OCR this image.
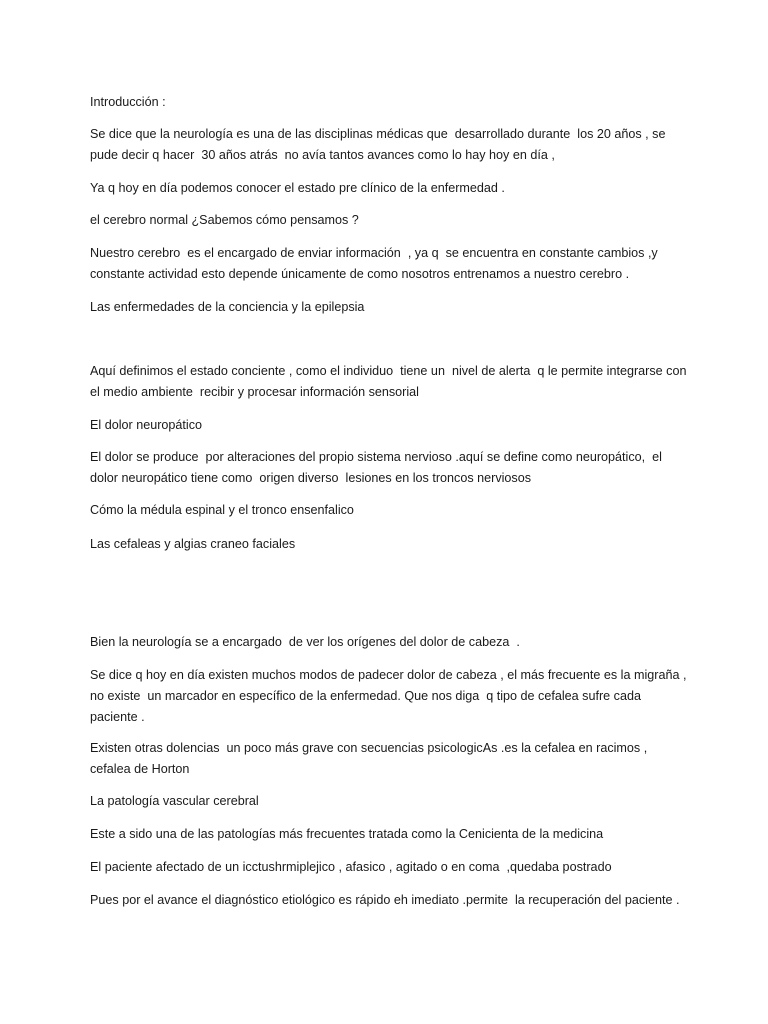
Introducción :

Se dice que la neurología es una de las disciplinas médicas que  desarrollado durante  los 20 años , se pude decir q hacer  30 años atrás  no avía tantos avances como lo hay hoy en día ,

Ya q hoy en día podemos conocer el estado pre clínico de la enfermedad .

el cerebro normal ¿Sabemos cómo pensamos ?

Nuestro cerebro  es el encargado de enviar información  , ya q  se encuentra en constante cambios ,y constante actividad esto depende únicamente de como nosotros entrenamos a nuestro cerebro .

Las enfermedades de la conciencia y la epilepsia

Aquí definimos el estado conciente , como el individuo  tiene un  nivel de alerta  q le permite integrarse con el medio ambiente  recibir y procesar información sensorial

El dolor neuropático

El dolor se produce  por alteraciones del propio sistema nervioso .aquí se define como neuropático,  el dolor neuropático tiene como  origen diverso  lesiones en los troncos nerviosos

Cómo la médula espinal y el tronco ensenfalico

Las cefaleas y algias craneo faciales

Bien la neurología se a encargado  de ver los orígenes del dolor de cabeza  .

Se dice q hoy en día existen muchos modos de padecer dolor de cabeza , el más frecuente es la migraña , no existe  un marcador en específico de la enfermedad. Que nos diga  q tipo de cefalea sufre cada paciente .

Existen otras dolencias  un poco más grave con secuencias psicologicAs .es la cefalea en racimos , cefalea de Horton

La patología vascular cerebral

Este a sido una de las patologías más frecuentes tratada como la Cenicienta de la medicina

El paciente afectado de un icctushrmiplejico , afasico , agitado o en coma  ,quedaba postrado

Pues por el avance el diagnóstico etiológico es rápido eh imediato .permite  la recuperación del paciente .
